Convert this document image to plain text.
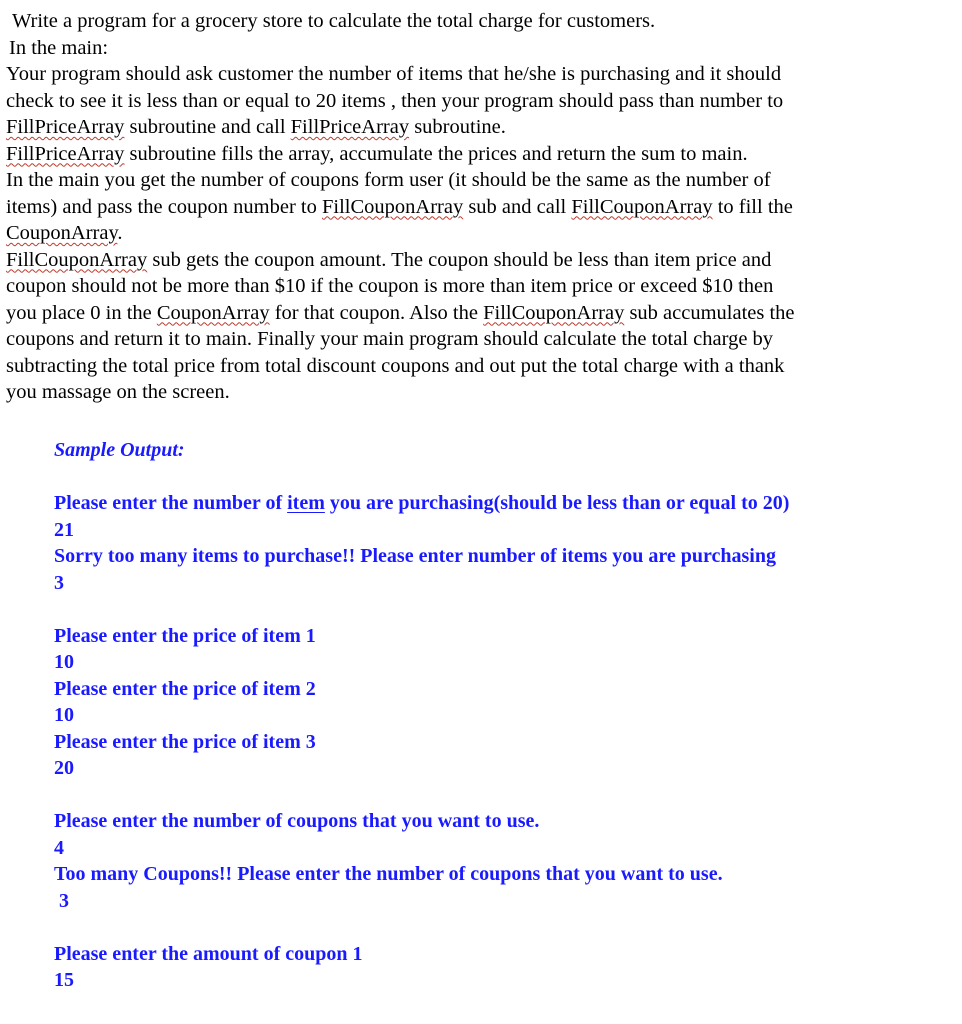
Write a program for a grocery store to calculate the total charge for customers.
In the main:
Your program should ask customer the number of items that he/she is purchasing and it should
check to see it is less than or equal to 20 items , then your program should pass than number to
FillPriceArray subroutine and call FillPriceArray subroutine.
FillPriceArray subroutine fills the array, accumulate the prices and return the sum to main.
In the main you get the number of coupons form user (it should be the same as the number of
items) and pass the coupon number to FillCouponArray sub and call FillCouponArray to fill the
CouponArray.
FillCouponArray sub gets the coupon amount. The coupon should be less than item price and
coupon should not be more than $10 if the coupon is more than item price or exceed $10 then
you place 0 in the CouponArray for that coupon. Also the FillCouponArray sub accumulates the
coupons and return it to main. Finally your main program should calculate the total charge by
subtracting the total price from total discount coupons and out put the total charge with a thank
you massage on the screen.
Sample Output:
Please enter the number of item you are purchasing(should be less than or equal to 20)
21
Sorry too many items to purchase!! Please enter number of items you are purchasing
3
Please enter the price of item 1
10
Please enter the price of item 2
10
Please enter the price of item 3
20
Please enter the number of coupons that you want to use.
4
Too many Coupons!! Please enter the number of coupons that you want to use.
3
Please enter the amount of coupon 1
15
